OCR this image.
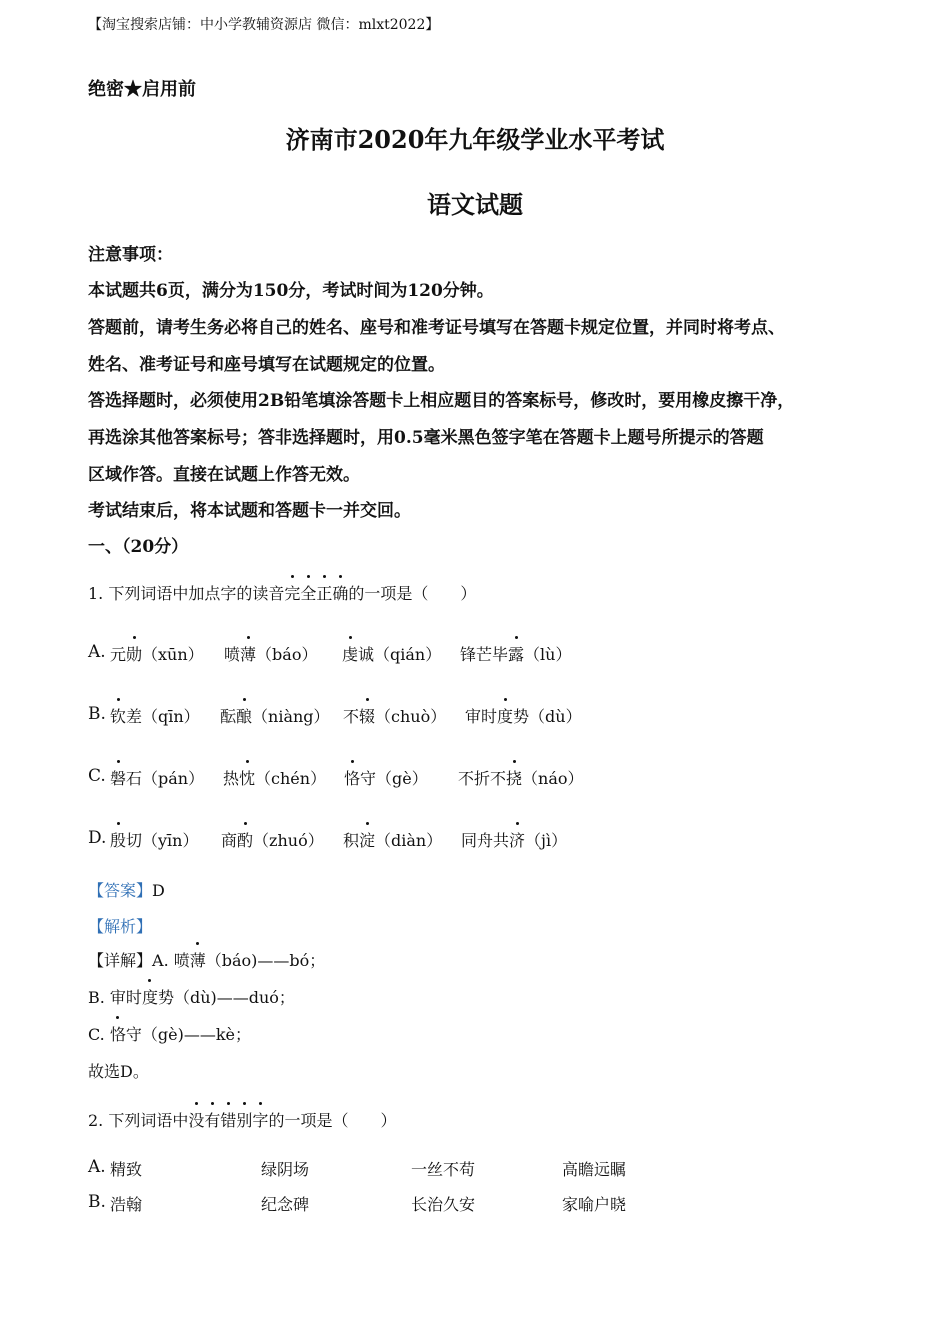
【淘宝搜索店铺：中小学教辅资源店 微信：mlxt2022】
绝密★启用前
济南市2020年九年级学业水平考试
语文试题
注意事项：
本试题共6页，满分为150分，考试时间为120分钟。
答题前，请考生务必将自己的姓名、座号和准考证号填写在答题卡规定位置，并同时将考点、
姓名、准考证号和座号填写在试题规定的位置。
答选择题时，必须使用2B铅笔填涂答题卡上相应题目的答案标号，修改时，要用橡皮擦干净，
再选涂其他答案标号；答非选择题时，用0.5毫米黑色签字笔在答题卡上题号所提示的答题
区域作答。直接在试题上作答无效。
考试结束后，将本试题和答题卡一并交回。
一、（20分）
1. 下列词语中加点字的读音完全正确的一项是（　　）
A. 元勋（xūn） 喷薄（báo） 虔诚（qián） 锋芒毕露（lù）
B. 钦差（qīn） 酝酿（niàng） 不辍（chuò） 审时度势（dù）
C. 磐石（pán） 热忱（chén） 恪守（gè） 不折不挠（náo）
D. 殷切（yīn） 商酌（zhuó） 积淀（diàn） 同舟共济（jì）
【答案】D
【解析】
【详解】A. 喷薄（báo)——bó；
B. 审时度势（dù)——duó；
C. 恪守（gè)——kè；
故选D。
2. 下列词语中没有错别字的一项是（　　）
A. 精致	绿阴场	一丝不苟	高瞻远瞩
B. 浩翰	纪念碑	长治久安	家喻户晓
